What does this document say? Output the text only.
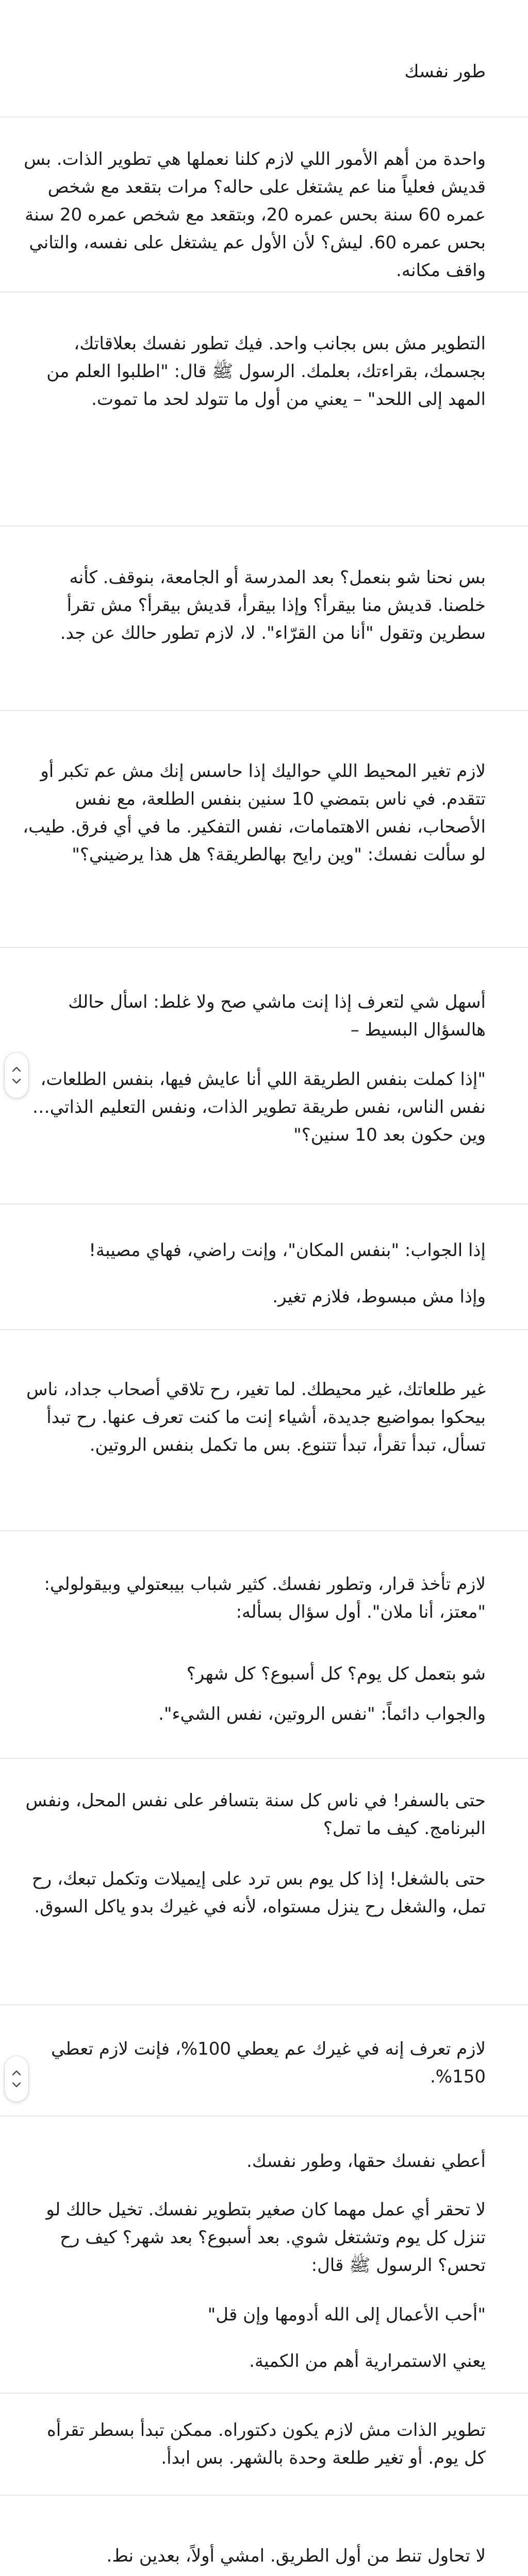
طور نفسك

واحدة من أهم الأمور اللي لازم كلنا نعملها هي تطوير الذات. بس قديش فعلياً منا عم يشتغل على حاله؟ مرات بتقعد مع شخص عمره 60 سنة بحس عمره 20، وبتقعد مع شخص عمره 20 سنة بحس عمره 60. ليش؟ لأن الأول عم يشتغل على نفسه، والتاني واقف مكانه.

التطوير مش بس بجانب واحد. فيك تطور نفسك بعلاقاتك، بجسمك، بقراءتك، بعلمك. الرسول ﷺ قال: "اطلبوا العلم من المهد إلى اللحد" – يعني من أول ما تتولد لحد ما تموت.

بس نحنا شو بنعمل؟ بعد المدرسة أو الجامعة، بنوقف. كأنه خلصنا. قديش منا بيقرأ؟ وإذا بيقرأ، قديش بيقرأ؟ مش تقرأ سطرين وتقول "أنا من القرّاء". لا، لازم تطور حالك عن جد.

لازم تغير المحيط اللي حواليك إذا حاسس إنك مش عم تكبر أو تتقدم. في ناس بتمضي 10 سنين بنفس الطلعة، مع نفس الأصحاب، نفس الاهتمامات، نفس التفكير. ما في أي فرق. طيب، لو سألت نفسك: "وين رايح بهالطريقة؟ هل هذا يرضيني؟"

أسهل شي لتعرف إذا إنت ماشي صح ولا غلط: اسأل حالك هالسؤال البسيط –

"إذا كملت بنفس الطريقة اللي أنا عايش فيها، بنفس الطلعات، نفس الناس، نفس طريقة تطوير الذات، ونفس التعليم الذاتي… وين حكون بعد 10 سنين؟"

إذا الجواب: "بنفس المكان"، وإنت راضي، فهاي مصيبة!

وإذا مش مبسوط، فلازم تغير.

غير طلعاتك، غير محيطك. لما تغير، رح تلاقي أصحاب جداد، ناس بيحكوا بمواضيع جديدة، أشياء إنت ما كنت تعرف عنها. رح تبدأ تسأل، تبدأ تقرأ، تبدأ تتنوع. بس ما تكمل بنفس الروتين.

لازم تأخذ قرار، وتطور نفسك. كثير شباب بيبعتولي وبيقولولي: "معتز، أنا ملان". أول سؤال بسأله:

شو بتعمل كل يوم؟ كل أسبوع؟ كل شهر؟

والجواب دائماً: "نفس الروتين، نفس الشيء".

حتى بالسفر! في ناس كل سنة بتسافر على نفس المحل، ونفس البرنامج. كيف ما تمل؟

حتى بالشغل! إذا كل يوم بس ترد على إيميلات وتكمل تبعك، رح تمل، والشغل رح ينزل مستواه، لأنه في غيرك بدو ياكل السوق.

لازم تعرف إنه في غيرك عم يعطي 100%، فإنت لازم تعطي 150%.

أعطي نفسك حقها، وطور نفسك.

لا تحقر أي عمل مهما كان صغير بتطوير نفسك. تخيل حالك لو تنزل كل يوم وتشتغل شوي. بعد أسبوع؟ بعد شهر؟ كيف رح تحس؟ الرسول ﷺ قال:

"أحب الأعمال إلى الله أدومها وإن قل"

يعني الاستمرارية أهم من الكمية.

تطوير الذات مش لازم يكون دكتوراه. ممكن تبدأ بسطر تقرأه كل يوم. أو تغير طلعة وحدة بالشهر. بس ابدأ.

لا تحاول تنط من أول الطريق. امشي أولاً، بعدين نط.
